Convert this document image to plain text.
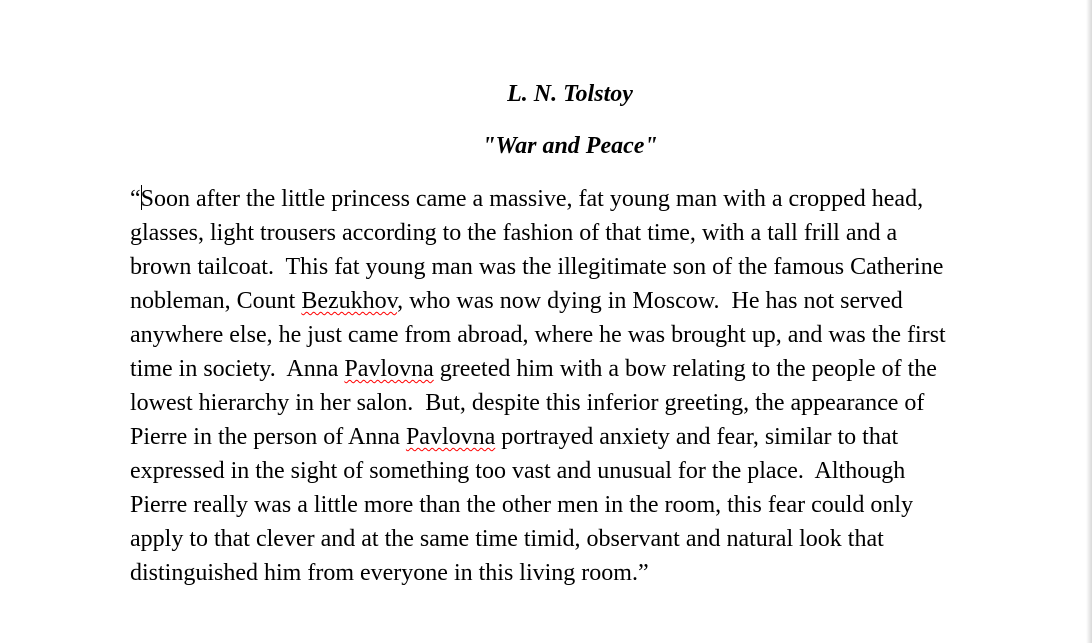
L. N. Tolstoy

"War and Peace"

“Soon after the little princess came a massive, fat young man with a cropped head,
glasses, light trousers according to the fashion of that time, with a tall frill and a
brown tailcoat.  This fat young man was the illegitimate son of the famous Catherine
nobleman, Count Bezukhov, who was now dying in Moscow.  He has not served
anywhere else, he just came from abroad, where he was brought up, and was the first
time in society.  Anna Pavlovna greeted him with a bow relating to the people of the
lowest hierarchy in her salon.  But, despite this inferior greeting, the appearance of
Pierre in the person of Anna Pavlovna portrayed anxiety and fear, similar to that
expressed in the sight of something too vast and unusual for the place.  Although
Pierre really was a little more than the other men in the room, this fear could only
apply to that clever and at the same time timid, observant and natural look that
distinguished him from everyone in this living room.”
